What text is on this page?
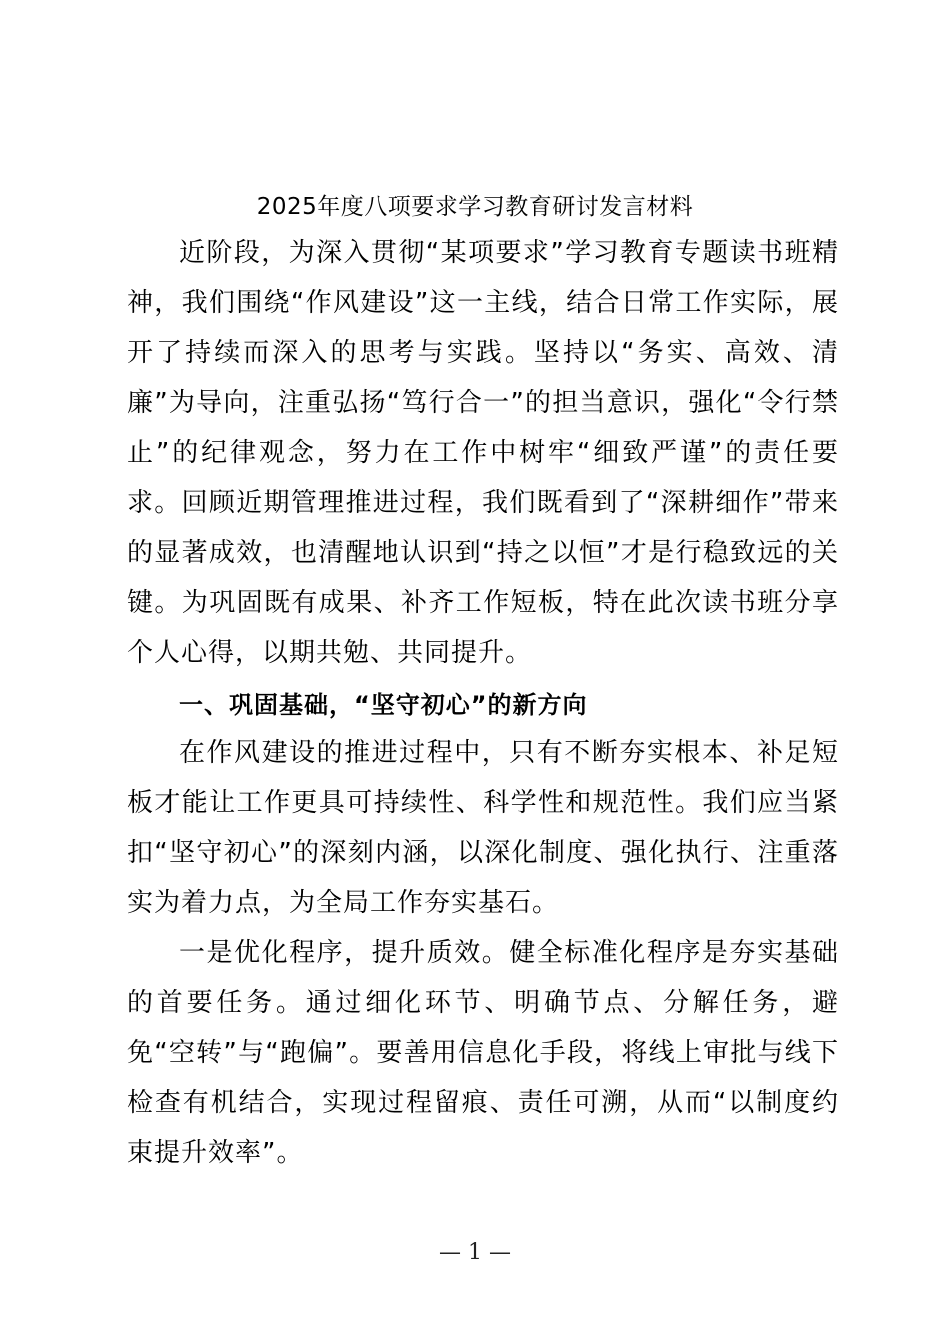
2025年度八项要求学习教育研讨发言材料

近阶段，为深入贯彻“某项要求”学习教育专题读书班精神，我们围绕“作风建设”这一主线，结合日常工作实际，展开了持续而深入的思考与实践。坚持以“务实、高效、清廉”为导向，注重弘扬“笃行合一”的担当意识，强化“令行禁止”的纪律观念，努力在工作中树牢“细致严谨”的责任要求。回顾近期管理推进过程，我们既看到了“深耕细作”带来的显著成效，也清醒地认识到“持之以恒”才是行稳致远的关键。为巩固既有成果、补齐工作短板，特在此次读书班分享个人心得，以期共勉、共同提升。

一、巩固基础，“坚守初心”的新方向

在作风建设的推进过程中，只有不断夯实根本、补足短板才能让工作更具可持续性、科学性和规范性。我们应当紧扣“坚守初心”的深刻内涵，以深化制度、强化执行、注重落实为着力点，为全局工作夯实基石。

一是优化程序，提升质效。健全标准化程序是夯实基础的首要任务。通过细化环节、明确节点、分解任务，避免“空转”与“跑偏”。要善用信息化手段，将线上审批与线下检查有机结合，实现过程留痕、责任可溯，从而“以制度约束提升效率”。

— 1 —
